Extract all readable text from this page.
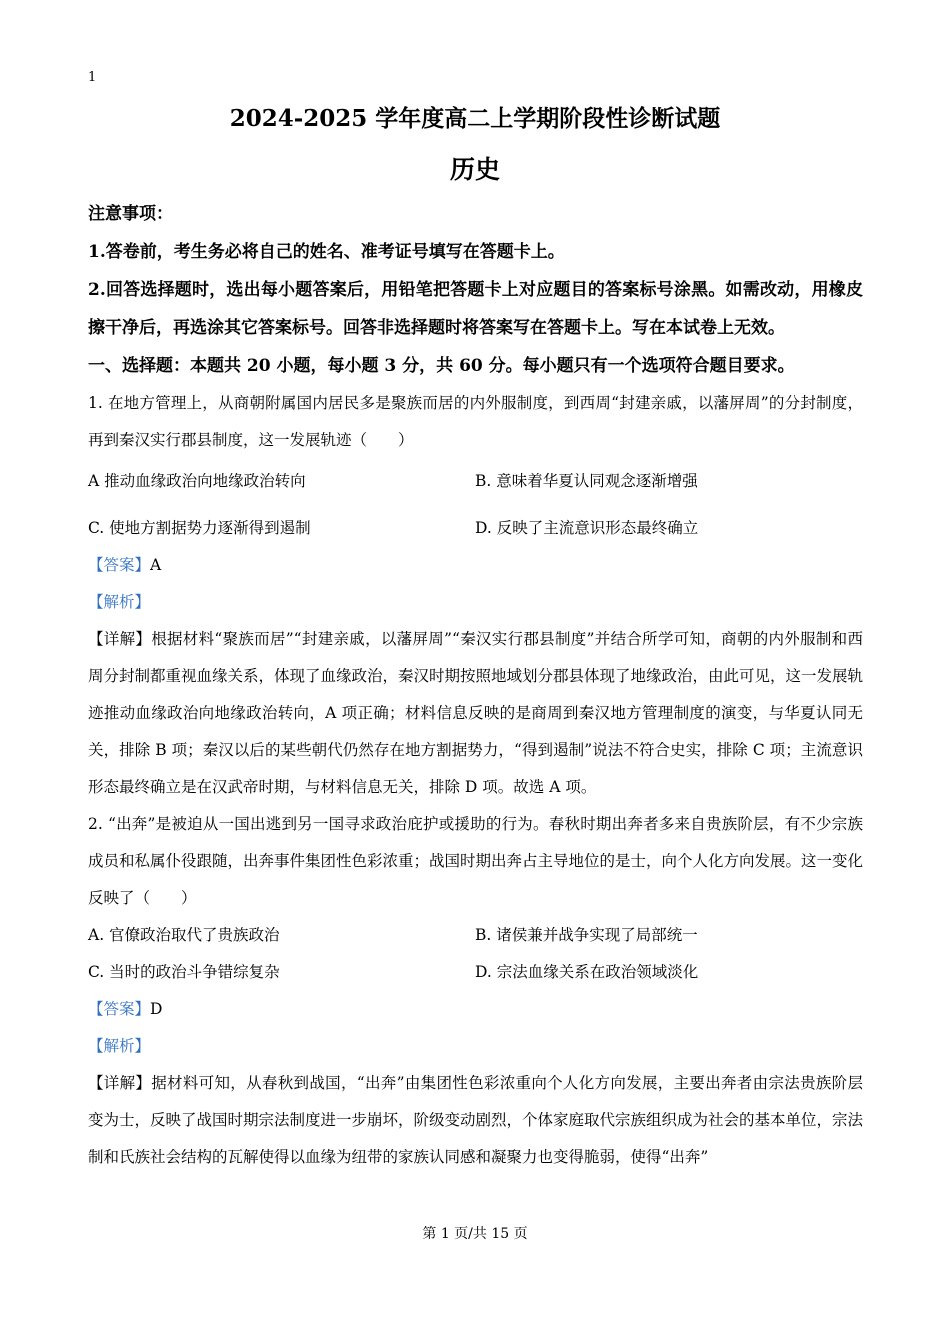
1
2024-2025 学年度高二上学期阶段性诊断试题
历史

注意事项：

1.答卷前，考生务必将自己的姓名、准考证号填写在答题卡上。

2.回答选择题时，选出每小题答案后，用铅笔把答题卡上对应题目的答案标号涂黑。如需改动，用橡皮擦干净后，再选涂其它答案标号。回答非选择题时将答案写在答题卡上。写在本试卷上无效。

一、选择题：本题共 20 小题，每小题 3 分，共 60 分。每小题只有一个选项符合题目要求。

1. 在地方管理上，从商朝附属国内居民多是聚族而居的内外服制度，到西周“封建亲戚，以藩屏周”的分封制度，再到秦汉实行郡县制度，这一发展轨迹（　　）

A 推动血缘政治向地缘政治转向	B. 意味着华夏认同观念逐渐增强
C. 使地方割据势力逐渐得到遏制	D. 反映了主流意识形态最终确立
【答案】A
【解析】

【详解】根据材料“聚族而居”“封建亲戚，以藩屏周”“秦汉实行郡县制度”并结合所学可知，商朝的内外服制和西周分封制都重视血缘关系，体现了血缘政治，秦汉时期按照地域划分郡县体现了地缘政治，由此可见，这一发展轨迹推动血缘政治向地缘政治转向，A 项正确；材料信息反映的是商周到秦汉地方管理制度的演变，与华夏认同无关，排除 B 项；秦汉以后的某些朝代仍然存在地方割据势力，“得到遏制”说法不符合史实，排除 C 项；主流意识形态最终确立是在汉武帝时期，与材料信息无关，排除 D 项。故选 A 项。

2. “出奔”是被迫从一国出逃到另一国寻求政治庇护或援助的行为。春秋时期出奔者多来自贵族阶层，有不少宗族成员和私属仆役跟随，出奔事件集团性色彩浓重；战国时期出奔占主导地位的是士，向个人化方向发展。这一变化反映了（　　）

A. 官僚政治取代了贵族政治	B. 诸侯兼并战争实现了局部统一
C. 当时的政治斗争错综复杂	D. 宗法血缘关系在政治领域淡化
【答案】D
【解析】

【详解】据材料可知，从春秋到战国，“出奔”由集团性色彩浓重向个人化方向发展，主要出奔者由宗法贵族阶层变为士，反映了战国时期宗法制度进一步崩坏，阶级变动剧烈，个体家庭取代宗族组织成为社会的基本单位，宗法制和氏族社会结构的瓦解使得以血缘为纽带的家族认同感和凝聚力也变得脆弱，使得“出奔”

第 1 页/共 15 页
